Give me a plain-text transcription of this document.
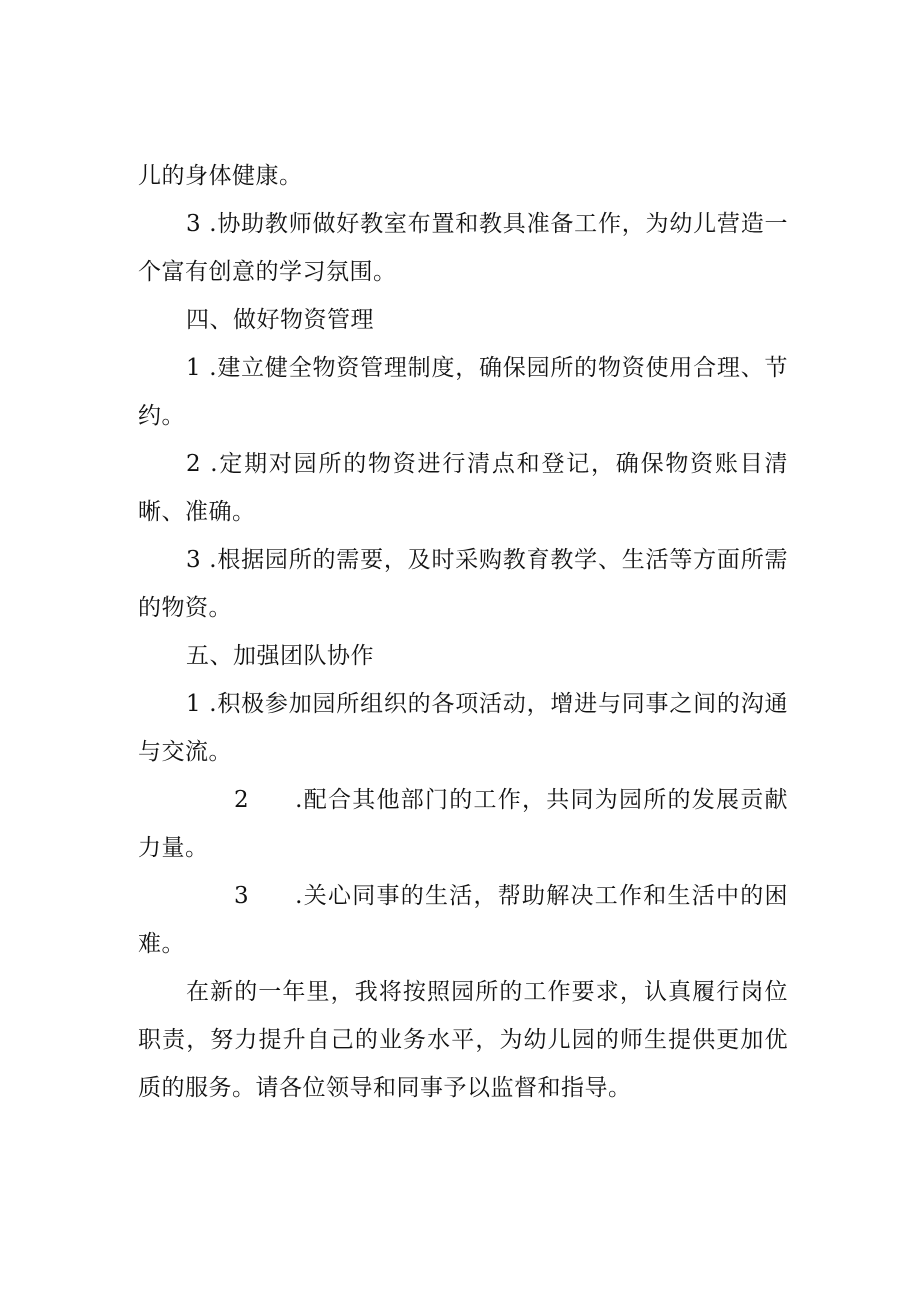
儿的身体健康。

3 .协助教师做好教室布置和教具准备工作，为幼儿营造一个富有创意的学习氛围。

四、做好物资管理

1 .建立健全物资管理制度，确保园所的物资使用合理、节约。

2 .定期对园所的物资进行清点和登记，确保物资账目清晰、准确。

3 .根据园所的需要，及时采购教育教学、生活等方面所需的物资。

五、加强团队协作

1 .积极参加园所组织的各项活动，增进与同事之间的沟通与交流。

2 .配合其他部门的工作，共同为园所的发展贡献力量。

3 .关心同事的生活，帮助解决工作和生活中的困难。

在新的一年里，我将按照园所的工作要求，认真履行岗位职责，努力提升自己的业务水平，为幼儿园的师生提供更加优质的服务。请各位领导和同事予以监督和指导。
